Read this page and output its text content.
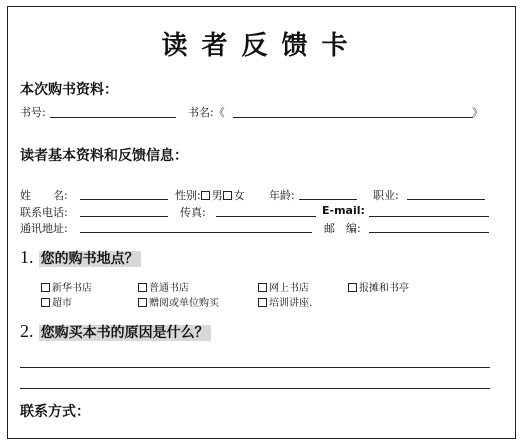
读者反馈卡
本次购书资料：
书号:	书名:《	》
读者基本资料和反馈信息：
姓　　名:	性别: 男 女 年龄:	职业:
联系电话:	传真:	E-mail:
通讯地址:	邮　编:
1. 您的购书地点？
新华书店	普通书店	网上书店	报摊和书亭
超市	赠阅或单位购买	培训讲座.
2. 您购买本书的原因是什么？
联系方式：
